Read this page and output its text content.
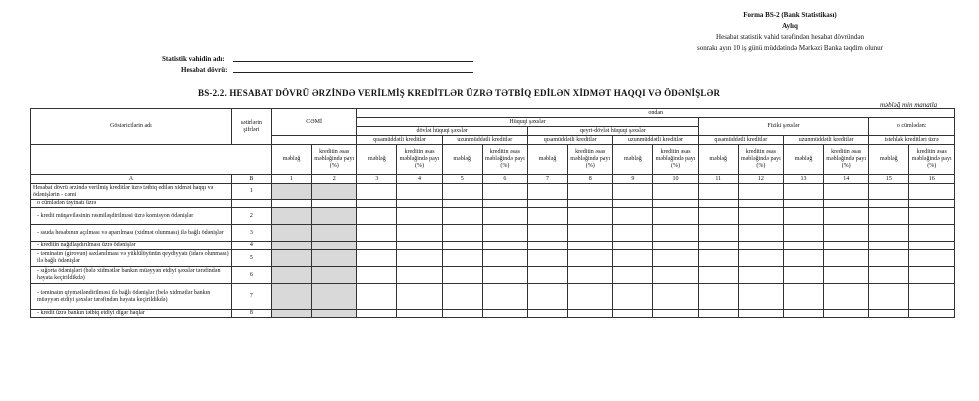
Forma BS-2 (Bank Statistikası)
Aylıq
Hesabat statistik vahid tərəfindən hesabat dövründən
sonrakı ayın 10 iş günü müddətində Mərkəzi Banka təqdim olunur
Statistik vahidin adı:
Hesabat dövrü:
BS-2.2. HESABAT DÖVRÜ ƏRZİNDƏ VERİLMİŞ KREDİTLƏR ÜZRƏ TƏTBİQ EDİLƏN XİDMƏT HAQQI VƏ ÖDƏNİŞLƏR
məbləğ min manatla
Göstəricilərin adı	sətirlərin şifrləri	CƏMİ		ondan													
				Hüquqi şəxslər								Fiziki şəxslər				o cümlədən:	
				dövlət hüquqi şəxslər				qeyri-dövlət hüquqi şəxslər									
				qısamüddətli kreditlər		uzunmüddətli kreditlər		qısamüddətli kreditlər		uzunmüddətli kreditlər		qısamüddətli kreditlər		uzunmüddətli kreditlər		istehlak kreditləri üzrə	
		məbləğ	kreditin əsas məbləğində payı (%)	məbləğ	kreditin əsas məbləğində payı (%)	məbləğ	kreditin əsas məbləğində payı (%)	məbləğ	kreditin əsas məbləğində payı (%)	məbləğ	kreditin əsas məbləğində payı (%)	məbləğ	kreditin əsas məbləğində payı (%)	məbləğ	kreditin əsas məbləğində payı (%)	məbləğ	kreditin əsas məbləğində payı (%)
A	B	1	2	3	4	5	6	7	8	9	10	11	12	13	14	15	16
Hesabat dövrü ərzində verilmiş kreditlər üzrə tətbiq edilən xidmət haqqı və ödənişlərin - cəmi	1																
o cümlədən təyinatı üzrə																	
- kredit müqaviləsinin rəsmiləşdirilməsi üzrə komisyon ödənişlər	2																
- ssuda hesabının açılması və aparılması (xidmət olunması) ilə bağlı ödənişlər	3																
- kreditin nağdlaşdırılması üzrə ödənişlər	4																
- təminatın (girovun) saxlanılması və yüklülüyünün qeydiyyatı (idarə olunması) ilə bağlı ödənişlər	5																
- sığorta ödənişləri (bələ xidmətlər bankın müəyyən etdiyi şəxslər tərəfindən həyata keçirildikdə)	6																
- təminatın qiymətləndirilməsi ilə bağlı ödənişlər (belə xidmətlər bankın müəyyən etdiyi şəxslər tərəfindən həyata keçirildikdə)	7																
- kredit üzrə bankın tətbiq etdiyi digər haqlar	8																
